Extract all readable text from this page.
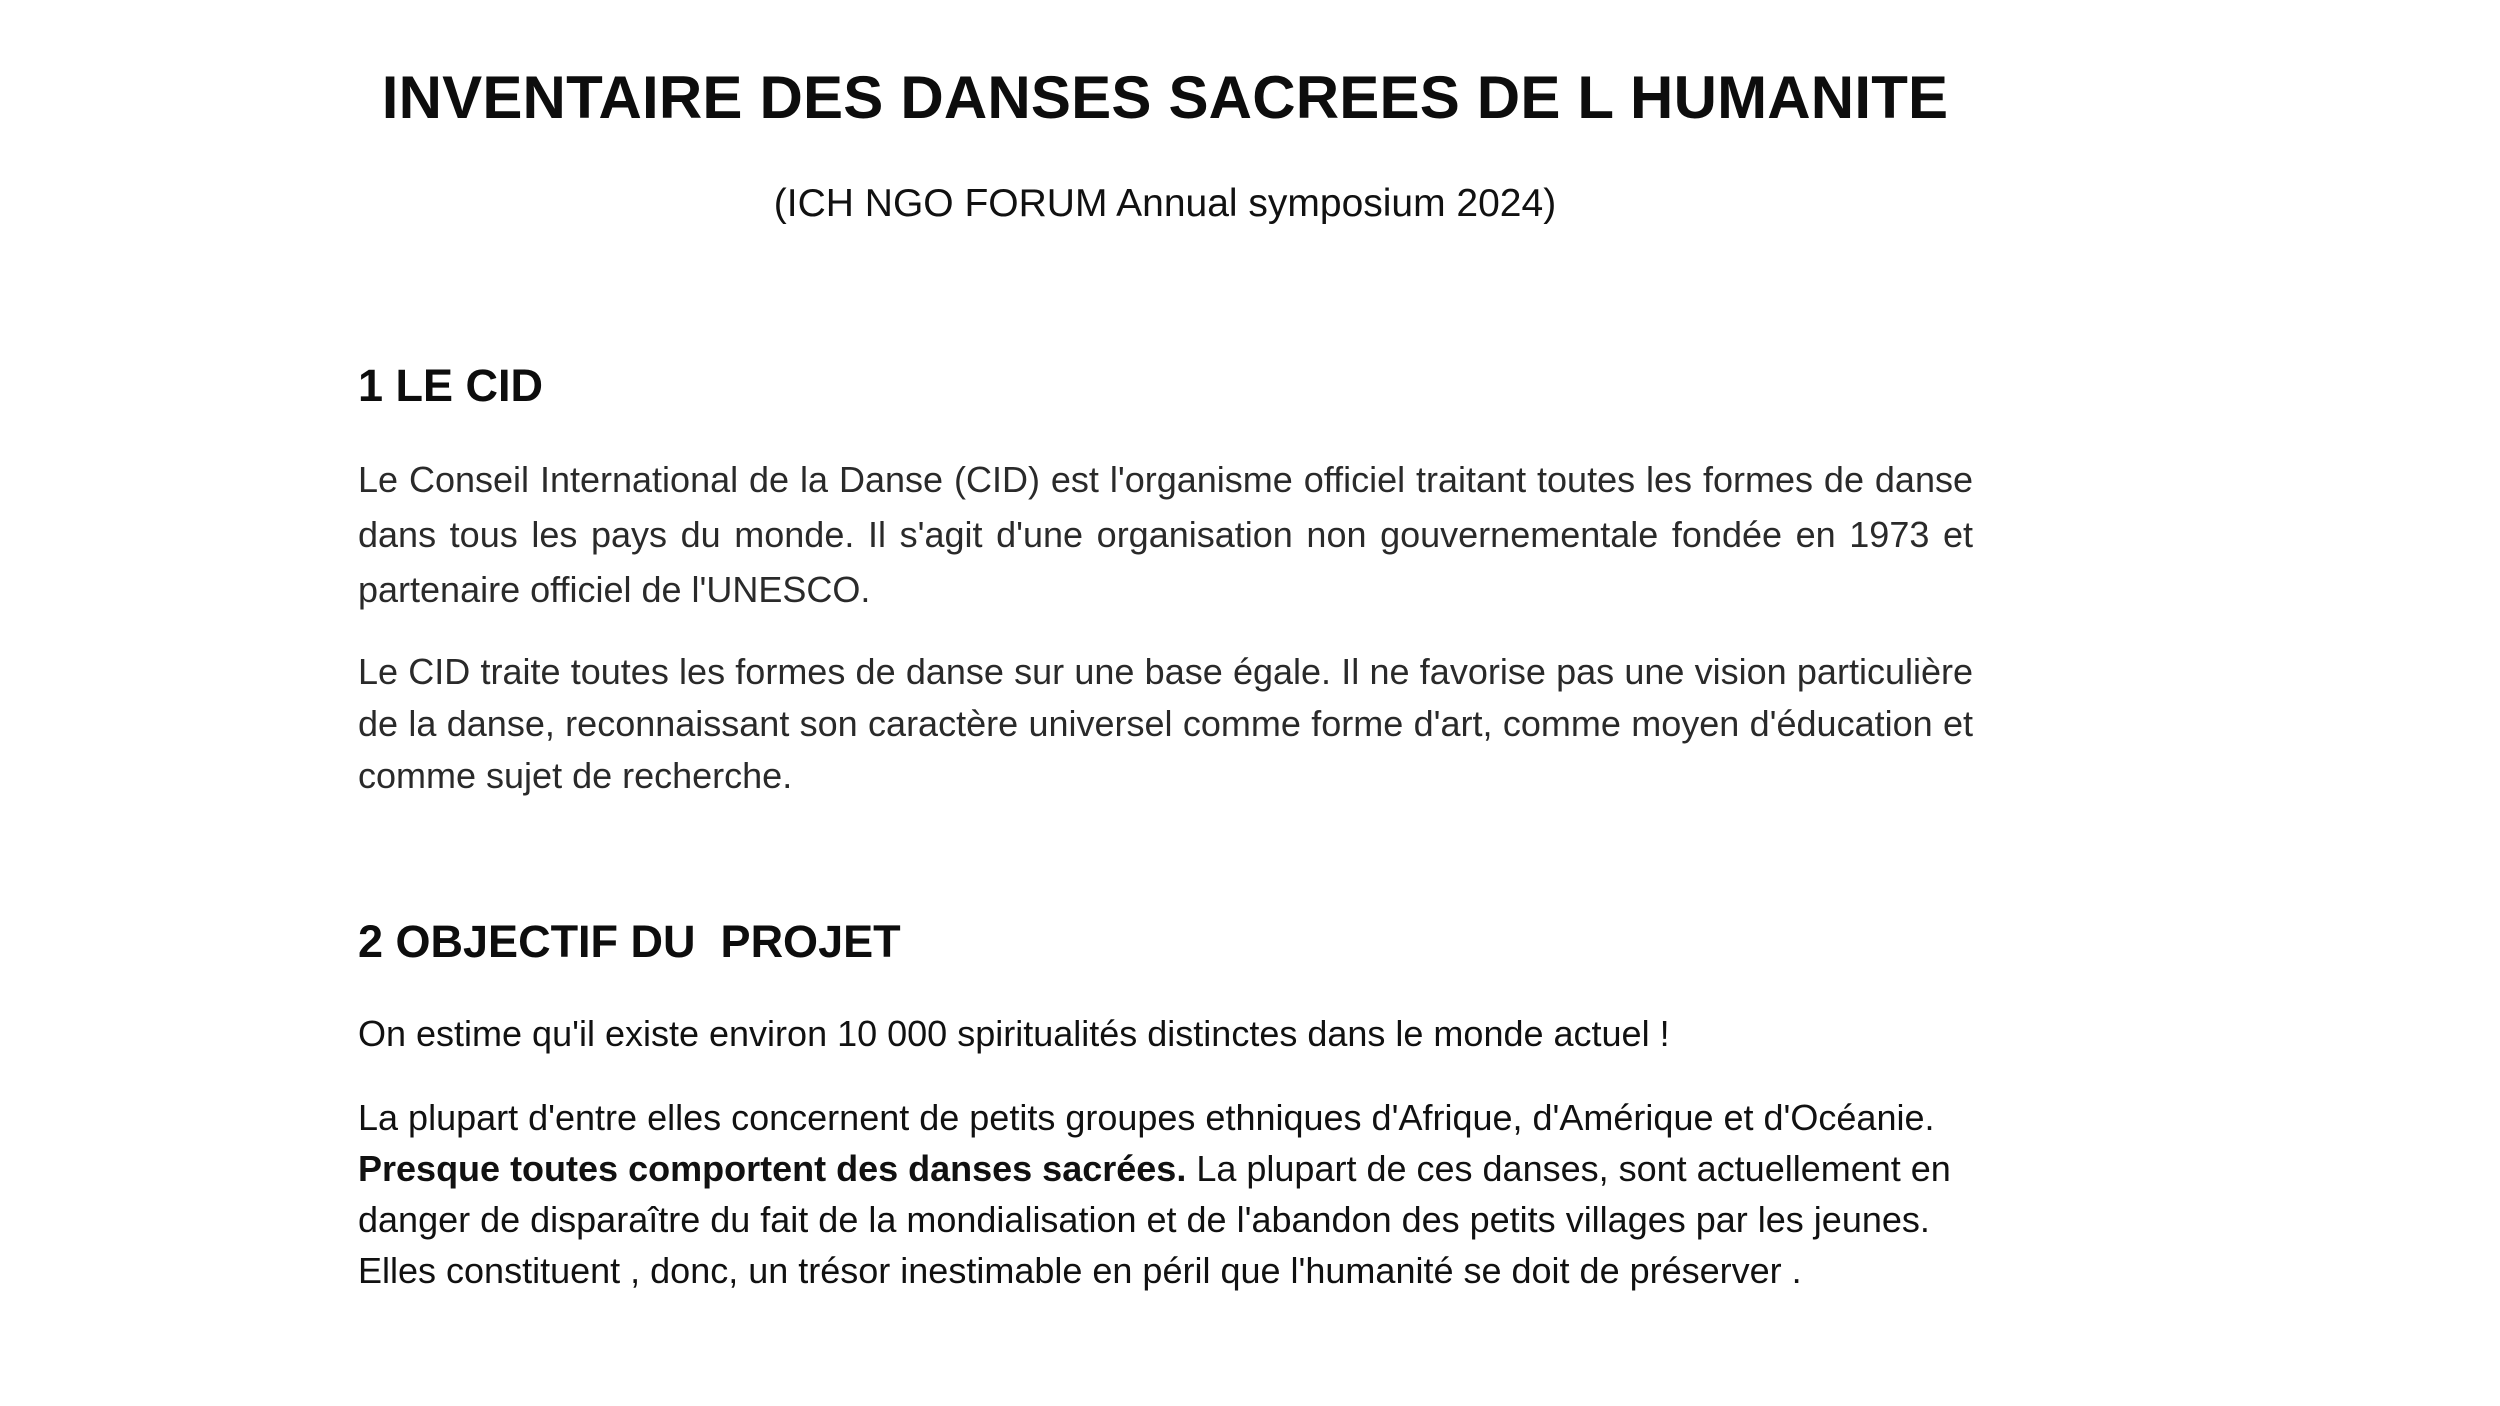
INVENTAIRE DES DANSES SACREES DE L HUMANITE

(ICH NGO FORUM Annual symposium 2024)

1 LE CID

Le Conseil International de la Danse (CID) est l'organisme officiel traitant toutes les formes de danse dans tous les pays du monde. Il s'agit d'une organisation non gouvernementale fondée en 1973 et partenaire officiel de l'UNESCO.

Le CID traite toutes les formes de danse sur une base égale. Il ne favorise pas une vision particulière de la danse, reconnaissant son caractère universel comme forme d'art, comme moyen d'éducation et comme sujet de recherche.

2 OBJECTIF DU  PROJET

On estime qu'il existe environ 10 000 spiritualités distinctes dans le monde actuel !

La plupart d'entre elles concernent de petits groupes ethniques d'Afrique, d'Amérique et d'Océanie. Presque toutes comportent des danses sacrées. La plupart de ces danses, sont actuellement en danger de disparaître du fait de la mondialisation et de l'abandon des petits villages par les jeunes. Elles constituent , donc, un trésor inestimable en péril que l'humanité se doit de préserver .
